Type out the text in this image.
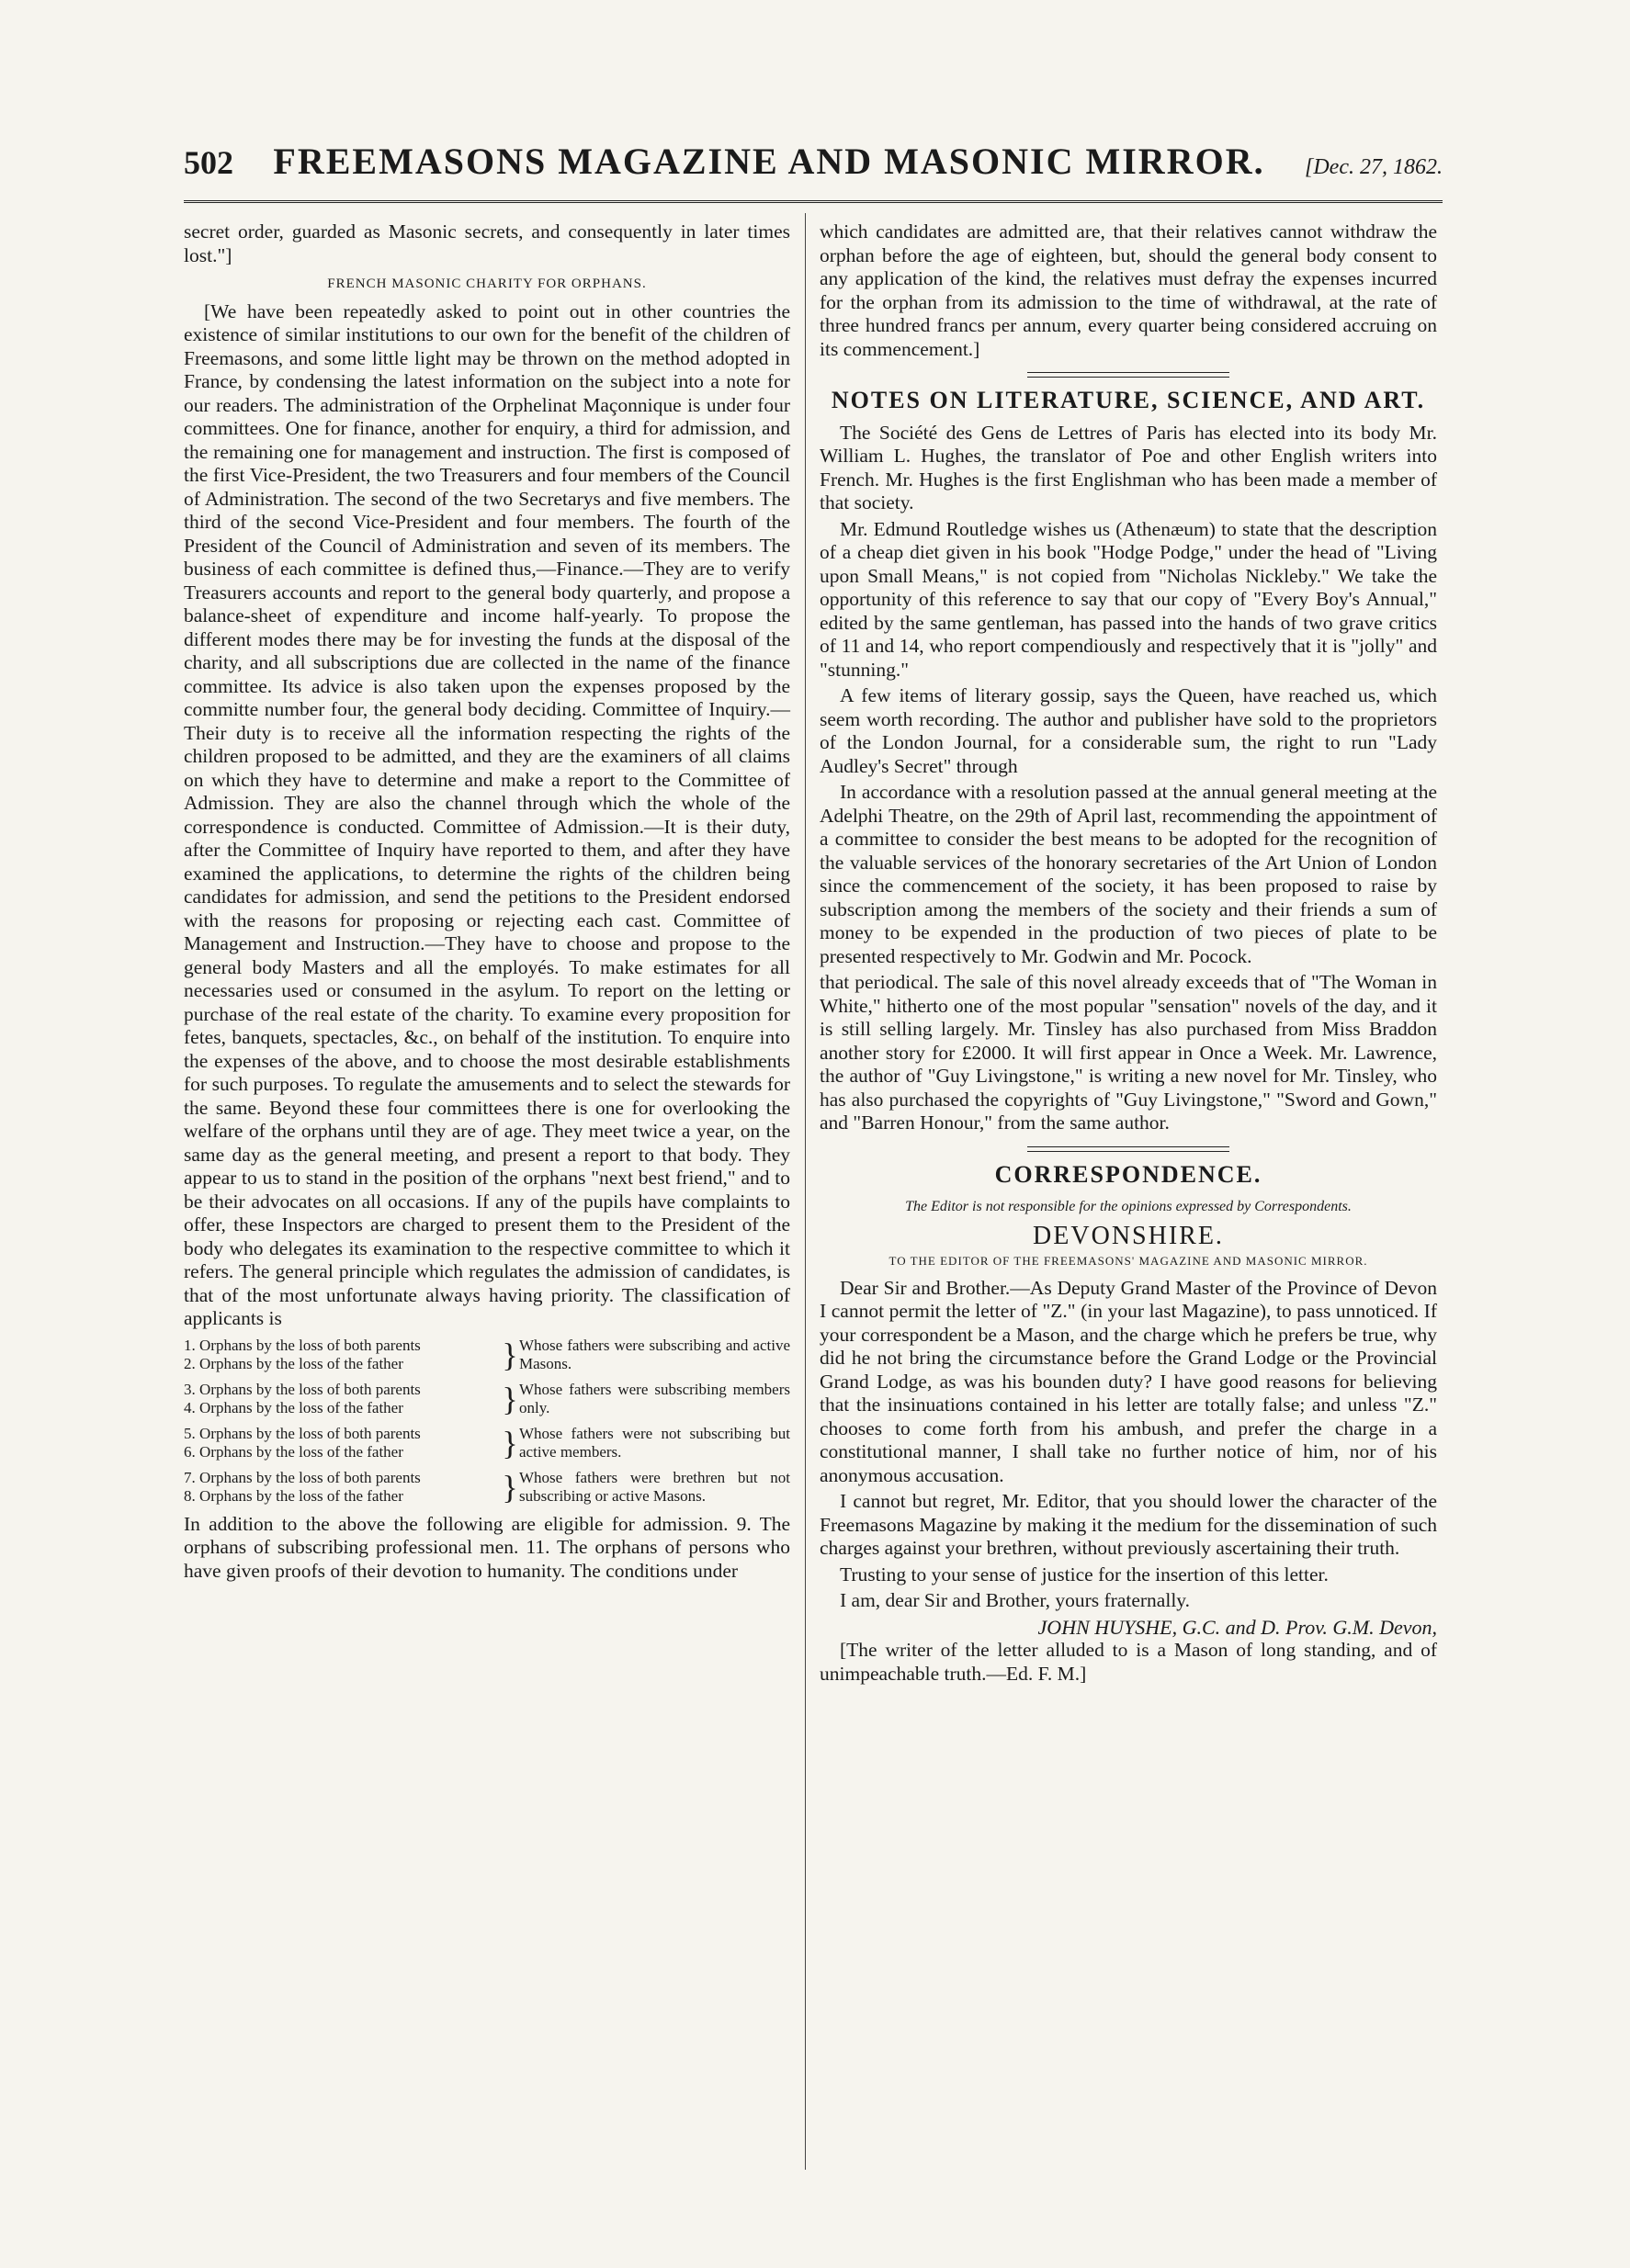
502 FREEMASONS MAGAZINE AND MASONIC MIRROR. [Dec. 27, 1862.

secret order, guarded as Masonic secrets, and consequently in later times lost."]

FRENCH MASONIC CHARITY FOR ORPHANS.

[We have been repeatedly asked to point out in other countries the existence of similar institutions to our own for the benefit of the children of Freemasons, and some little light may be thrown on the method adopted in France, by condensing the latest information on the subject into a note for our readers. The administration of the Orphelinat Maçonnique is under four committees. One for finance, another for enquiry, a third for admission, and the remaining one for management and instruction. The first is composed of the first Vice-President, the two Treasurers and four members of the Council of Administration. The second of the two Secretarys and five members. The third of the second Vice-President and four members. The fourth of the President of the Council of Administration and seven of its members. The business of each committee is defined thus,—Finance.—They are to verify Treasurers accounts and report to the general body quarterly, and propose a balance-sheet of expenditure and income half-yearly. To propose the different modes there may be for investing the funds at the disposal of the charity, and all subscriptions due are collected in the name of the finance committee. Its advice is also taken upon the expenses proposed by the committe number four, the general body deciding. Committee of Inquiry.—Their duty is to receive all the information respecting the rights of the children proposed to be admitted, and they are the examiners of all claims on which they have to determine and make a report to the Committee of Admission. They are also the channel through which the whole of the correspondence is conducted. Committee of Admission.—It is their duty, after the Committee of Inquiry have reported to them, and after they have examined the applications, to determine the rights of the children being candidates for admission, and send the petitions to the President endorsed with the reasons for proposing or rejecting each cast. Committee of Management and Instruction.—They have to choose and propose to the general body Masters and all the employés. To make estimates for all necessaries used or consumed in the asylum. To report on the letting or purchase of the real estate of the charity. To examine every proposition for fetes, banquets, spectacles, &c., on behalf of the institution. To enquire into the expenses of the above, and to choose the most desirable establishments for such purposes. To regulate the amusements and to select the stewards for the same. Beyond these four committees there is one for overlooking the welfare of the orphans until they are of age. They meet twice a year, on the same day as the general meeting, and present a report to that body. They appear to us to stand in the position of the orphans "next best friend," and to be their advocates on all occasions. If any of the pupils have complaints to offer, these Inspectors are charged to present them to the President of the body who delegates its examination to the respective committee to which it refers. The general principle which regulates the admission of candidates, is that of the most unfortunate always having priority. The classification of applicants is

1. Orphans by the loss of both parents
2. Orphans by the loss of the father	} Whose fathers were subscribing and active Masons.
3. Orphans by the loss of both parents
4. Orphans by the loss of the father	} Whose fathers were subscribing members only.
5. Orphans by the loss of both parents
6. Orphans by the loss of the father	} Whose fathers were not subscribing but active members.
7. Orphans by the loss of both parents
8. Orphans by the loss of the father	} Whose fathers were brethren but not subscribing or active Masons.

In addition to the above the following are eligible for admission. 9. The orphans of subscribing professional men. 11. The orphans of persons who have given proofs of their devotion to humanity. The conditions under

which candidates are admitted are, that their relatives cannot withdraw the orphan before the age of eighteen, but, should the general body consent to any application of the kind, the relatives must defray the expenses incurred for the orphan from its admission to the time of withdrawal, at the rate of three hundred francs per annum, every quarter being considered accruing on its commencement.]

NOTES ON LITERATURE, SCIENCE, AND ART.

The Société des Gens de Lettres of Paris has elected into its body Mr. William L. Hughes, the translator of Poe and other English writers into French. Mr. Hughes is the first Englishman who has been made a member of that society.

Mr. Edmund Routledge wishes us (Athenæum) to state that the description of a cheap diet given in his book "Hodge Podge," under the head of "Living upon Small Means," is not copied from "Nicholas Nickleby." We take the opportunity of this reference to say that our copy of "Every Boy's Annual," edited by the same gentleman, has passed into the hands of two grave critics of 11 and 14, who report compendiously and respectively that it is "jolly" and "stunning."

A few items of literary gossip, says the Queen, have reached us, which seem worth recording. The author and publisher have sold to the proprietors of the London Journal, for a considerable sum, the right to run "Lady Audley's Secret" through

In accordance with a resolution passed at the annual general meeting at the Adelphi Theatre, on the 29th of April last, recommending the appointment of a committee to consider the best means to be adopted for the recognition of the valuable services of the honorary secretaries of the Art Union of London since the commencement of the society, it has been proposed to raise by subscription among the members of the society and their friends a sum of money to be expended in the production of two pieces of plate to be presented respectively to Mr. Godwin and Mr. Pocock.

that periodical. The sale of this novel already exceeds that of "The Woman in White," hitherto one of the most popular "sensation" novels of the day, and it is still selling largely. Mr. Tinsley has also purchased from Miss Braddon another story for £2000. It will first appear in Once a Week. Mr. Lawrence, the author of "Guy Livingstone," is writing a new novel for Mr. Tinsley, who has also purchased the copyrights of "Guy Livingstone," "Sword and Gown," and "Barren Honour," from the same author.

CORRESPONDENCE.
The Editor is not responsible for the opinions expressed by Correspondents.
DEVONSHIRE.
TO THE EDITOR OF THE FREEMASONS' MAGAZINE AND MASONIC MIRROR.

Dear Sir and Brother.—As Deputy Grand Master of the Province of Devon I cannot permit the letter of "Z." (in your last Magazine), to pass unnoticed. If your correspondent be a Mason, and the charge which he prefers be true, why did he not bring the circumstance before the Grand Lodge or the Provincial Grand Lodge, as was his bounden duty? I have good reasons for believing that the insinuations contained in his letter are totally false; and unless "Z." chooses to come forth from his ambush, and prefer the charge in a constitutional manner, I shall take no further notice of him, nor of his anonymous accusation.

I cannot but regret, Mr. Editor, that you should lower the character of the Freemasons Magazine by making it the medium for the dissemination of such charges against your brethren, without previously ascertaining their truth.

Trusting to your sense of justice for the insertion of this letter.

I am, dear Sir and Brother, yours fraternally.

JOHN HUYSHE, G.C. and D. Prov. G.M. Devon,

[The writer of the letter alluded to is a Mason of long standing, and of unimpeachable truth.—Ed. F. M.]
